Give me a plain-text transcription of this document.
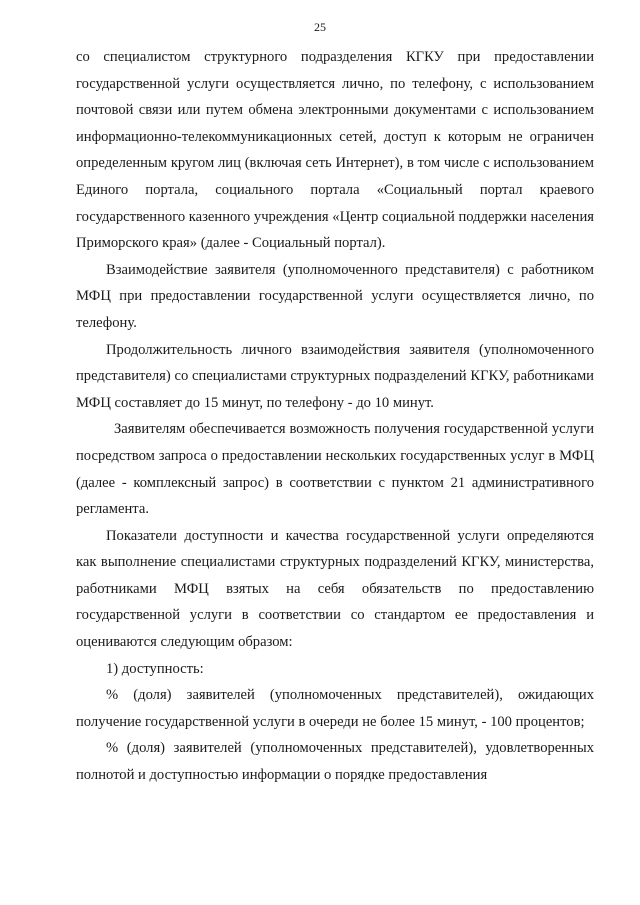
25

со специалистом структурного подразделения КГКУ при предоставлении государственной услуги осуществляется лично, по телефону, с использованием почтовой связи или путем обмена электронными документами с использованием информационно-телекоммуникационных сетей, доступ к которым не ограничен определенным кругом лиц (включая сеть Интернет), в том числе с использованием Единого портала, социального портала «Социальный портал краевого государственного казенного учреждения «Центр социальной поддержки населения Приморского края» (далее - Социальный портал).

Взаимодействие заявителя (уполномоченного представителя) с работником МФЦ при предоставлении государственной услуги осуществляется лично, по телефону.

Продолжительность личного взаимодействия заявителя (уполномоченного представителя) со специалистами структурных подразделений КГКУ, работниками МФЦ составляет до 15 минут, по телефону - до 10 минут.

Заявителям обеспечивается возможность получения государственной услуги посредством запроса о предоставлении нескольких государственных услуг в МФЦ (далее - комплексный запрос) в соответствии с пунктом 21 административного регламента.

Показатели доступности и качества государственной услуги определяются как выполнение специалистами структурных подразделений КГКУ, министерства, работниками МФЦ взятых на себя обязательств по предоставлению государственной услуги в соответствии со стандартом ее предоставления и оцениваются следующим образом:

1) доступность:

% (доля) заявителей (уполномоченных представителей), ожидающих получение государственной услуги в очереди не более 15 минут, - 100 процентов;

% (доля) заявителей (уполномоченных представителей), удовлетворенных полнотой и доступностью информации о порядке предоставления
